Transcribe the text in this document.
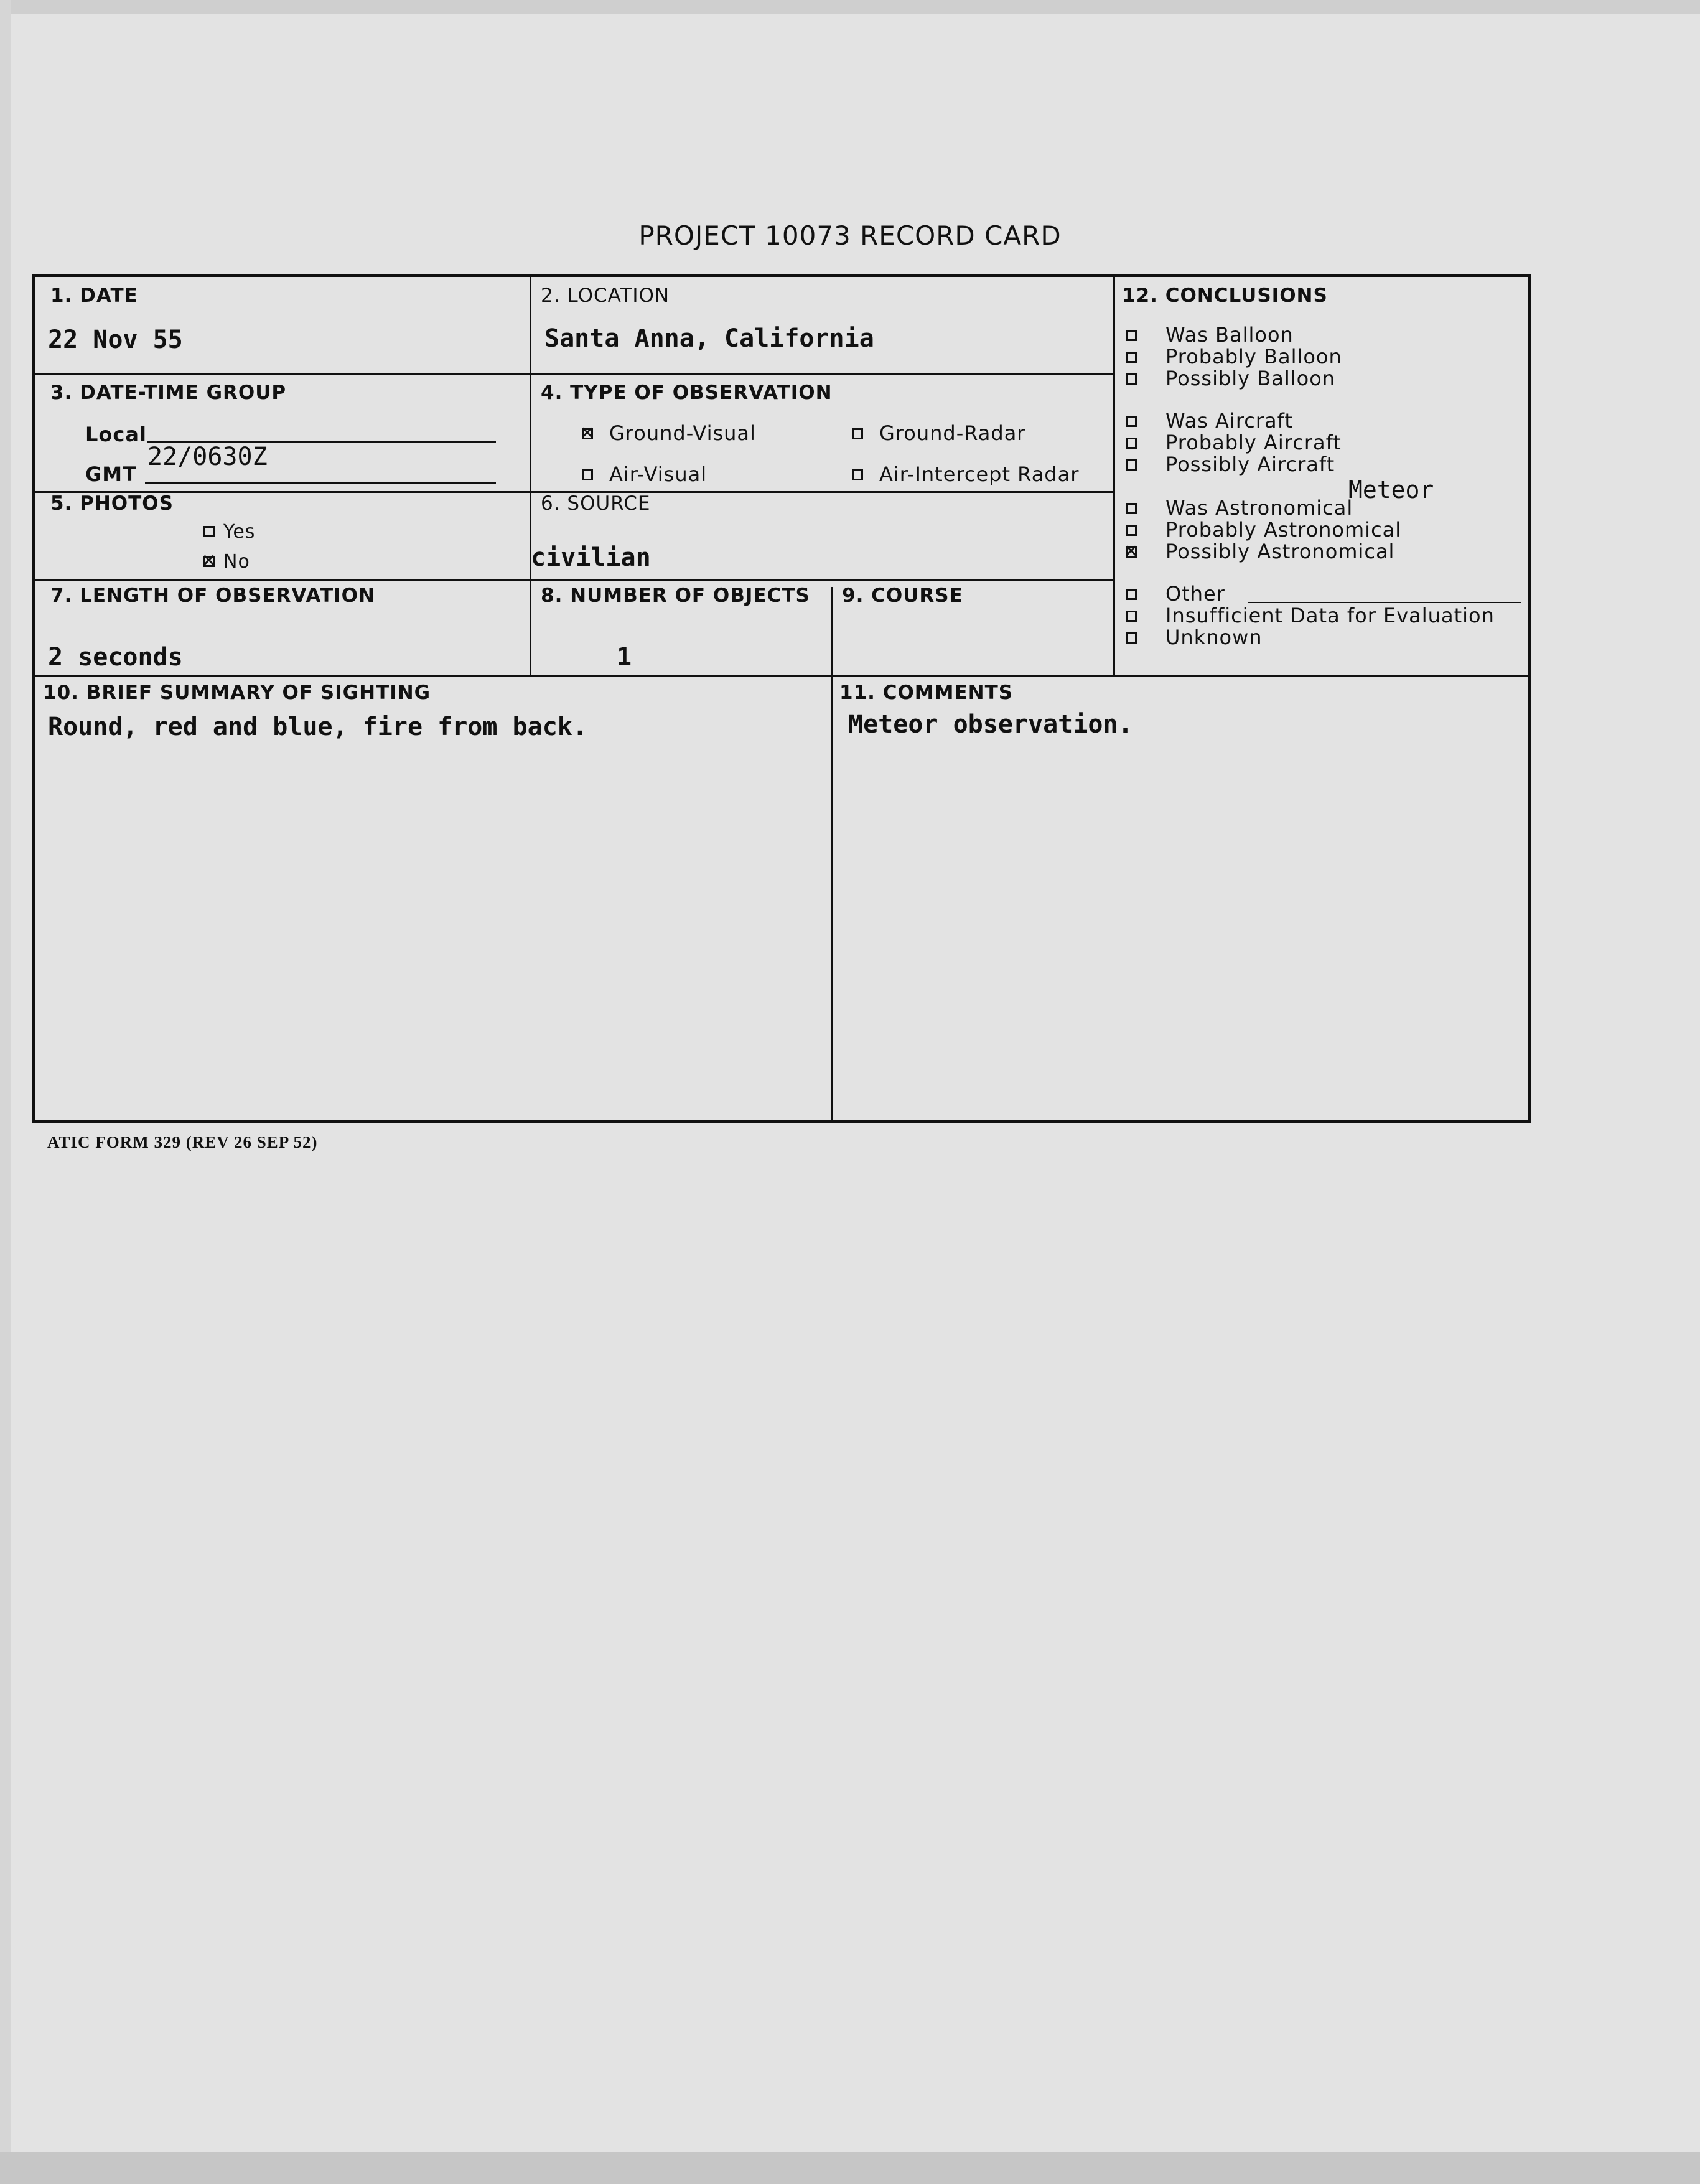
PROJECT 10073 RECORD CARD
1. DATE
22 Nov 55
2. LOCATION
Santa Anna, California
3. DATE-TIME GROUP
Local
GMT
22/0630Z
4. TYPE OF OBSERVATION
✕Ground-Visual	Ground-Radar
Air-Visual	Air-Intercept Radar
5. PHOTOS
Yes
✕No
6. SOURCE
civilian
7. LENGTH OF OBSERVATION
2 seconds
8. NUMBER OF OBJECTS
1
9. COURSE
10. BRIEF SUMMARY OF SIGHTING
Round, red and blue, fire from back.
11. COMMENTS
Meteor observation.
12. CONCLUSIONS
Was Balloon
Probably Balloon
Possibly Balloon
Was Aircraft
Probably Aircraft
Possibly Aircraft
Meteor
Was Astronomical
Probably Astronomical
✕Possibly Astronomical
Other
Insufficient Data for Evaluation
Unknown
ATIC FORM 329 (REV 26 SEP 52)
